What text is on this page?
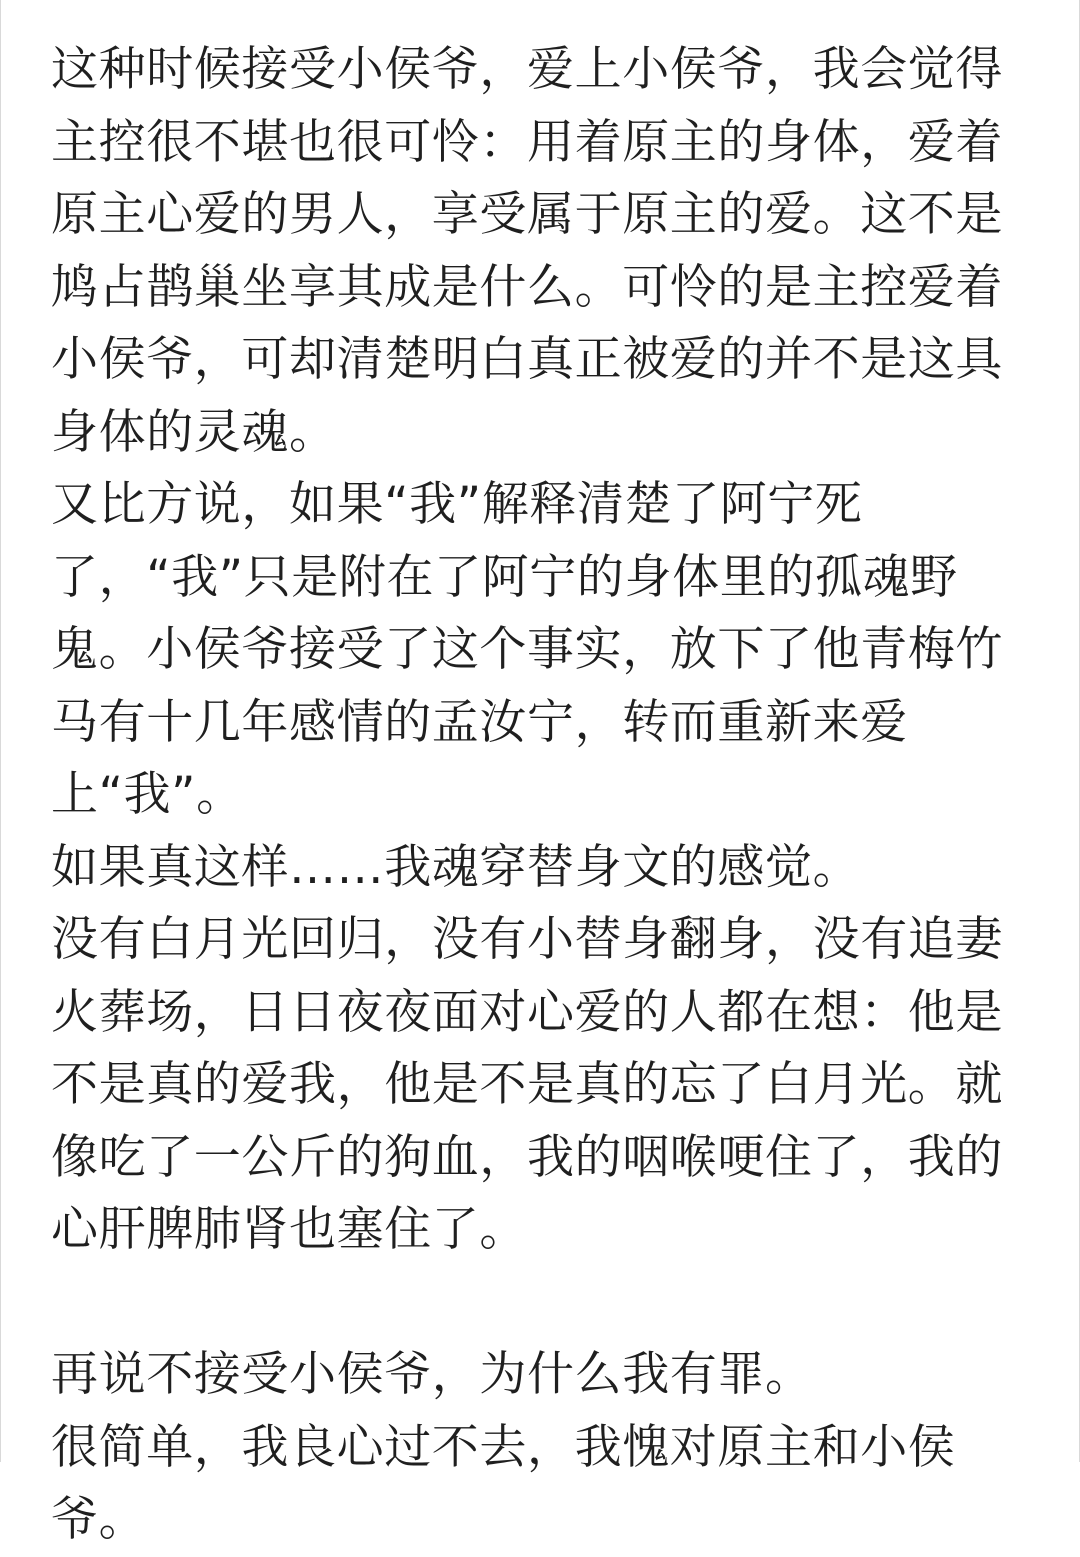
这种时候接受小侯爷，爱上小侯爷，我会觉得主控很不堪也很可怜：用着原主的身体，爱着原主心爱的男人，享受属于原主的爱。这不是鸠占鹊巢坐享其成是什么。可怜的是主控爱着小侯爷，可却清楚明白真正被爱的并不是这具身体的灵魂。

又比方说，如果“我”解释清楚了阿宁死了，“我”只是附在了阿宁的身体里的孤魂野鬼。小侯爷接受了这个事实，放下了他青梅竹马有十几年感情的孟汝宁，转而重新来爱上“我”。

如果真这样……我魂穿替身文的感觉。

没有白月光回归，没有小替身翻身，没有追妻火葬场，日日夜夜面对心爱的人都在想：他是不是真的爱我，他是不是真的忘了白月光。就像吃了一公斤的狗血，我的咽喉哽住了，我的心肝脾肺肾也塞住了。

再说不接受小侯爷，为什么我有罪。

很简单，我良心过不去，我愧对原主和小侯爷。
